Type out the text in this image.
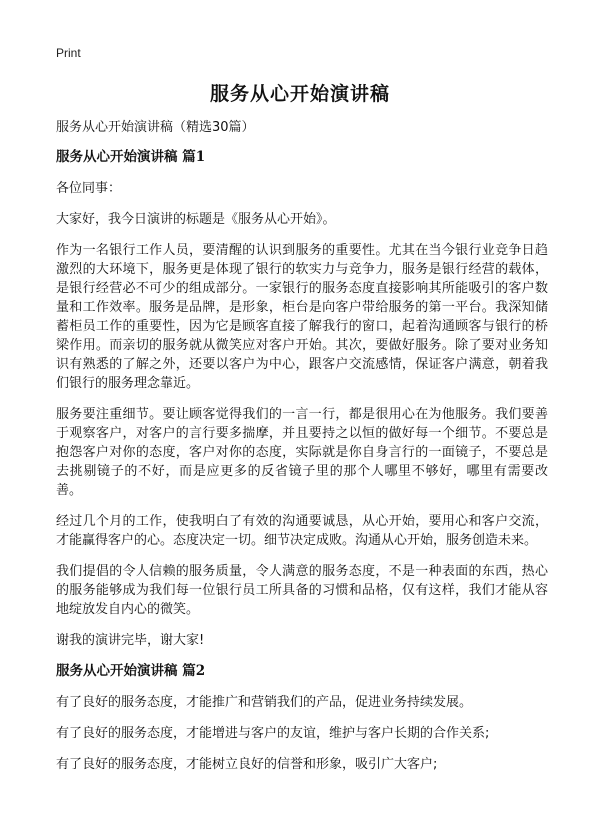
Print
服务从心开始演讲稿

服务从心开始演讲稿（精选30篇）

服务从心开始演讲稿 篇1

各位同事：

大家好，我今日演讲的标题是《服务从心开始》。

作为一名银行工作人员，要清醒的认识到服务的重要性。尤其在当今银行业竞争日趋激烈的大环境下，服务更是体现了银行的软实力与竞争力，服务是银行经营的载体，是银行经营必不可少的组成部分。一家银行的服务态度直接影响其所能吸引的客户数量和工作效率。服务是品牌，是形象，柜台是向客户带给服务的第一平台。我深知储蓄柜员工作的重要性，因为它是顾客直接了解我行的窗口，起着沟通顾客与银行的桥梁作用。而亲切的服务就从微笑应对客户开始。其次，要做好服务。除了要对业务知识有熟悉的了解之外，还要以客户为中心，跟客户交流感情，保证客户满意，朝着我们银行的服务理念靠近。

服务要注重细节。要让顾客觉得我们的一言一行，都是很用心在为他服务。我们要善于观察客户，对客户的言行要多揣摩，并且要持之以恒的做好每一个细节。不要总是抱怨客户对你的态度，客户对你的态度，实际就是你自身言行的一面镜子，不要总是去挑剔镜子的不好，而是应更多的反省镜子里的那个人哪里不够好，哪里有需要改善。

经过几个月的工作，使我明白了有效的沟通要诚恳，从心开始，要用心和客户交流，才能赢得客户的心。态度决定一切。细节决定成败。沟通从心开始，服务创造未来。

我们提倡的令人信赖的服务质量，令人满意的服务态度，不是一种表面的东西，热心的服务能够成为我们每一位银行员工所具备的习惯和品格，仅有这样，我们才能从容地绽放发自内心的微笑。

谢我的演讲完毕，谢大家!

服务从心开始演讲稿 篇2

有了良好的服务态度，才能推广和营销我们的产品，促进业务持续发展。

有了良好的服务态度，才能增进与客户的友谊，维护与客户长期的合作关系;

有了良好的服务态度，才能树立良好的信誉和形象，吸引广大客户;
